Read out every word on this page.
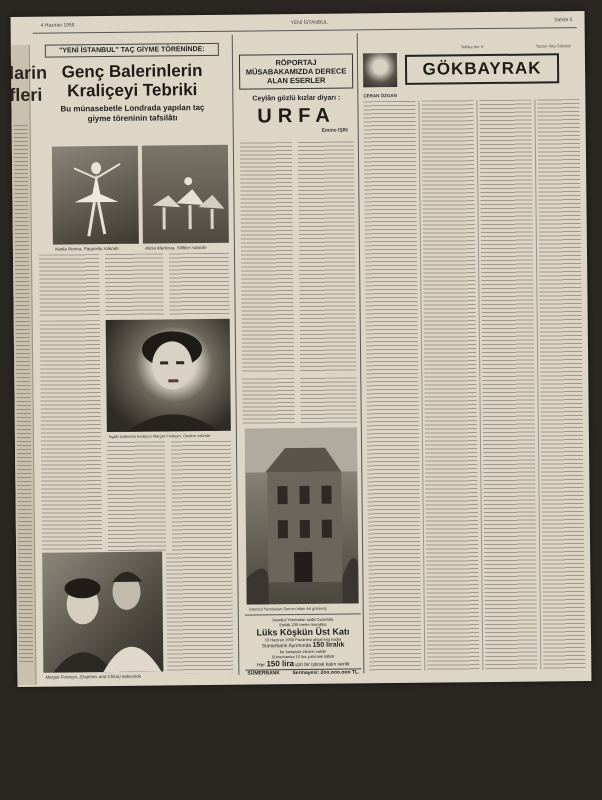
larin
fleri
4 Haziran 1958	YENİ İSTANBUL	Sahife 5
"YENİ İSTANBUL" TAÇ GİYME TÖRENİNDE:
Genç Balerinlerin Kraliçeyi Tebriki
Bu münasebetle Londrada yapılan taç giyme töreninin tafsilâtı
Nadia Nerina, Papyonlu rolünde	Alicia Markova, Silfitler rolünde
İngiliz balesinin kraliçesi Margot Fonteyn, Ondine rolünde
Margot Fonteyn, (Daphnis and Chloe) balesinde
RÖPORTAJ MÜSABAKAMIZDA DERECE ALAN ESERLER
Ceylân gözlü kızlar diyarı :
URFA
Emine IŞIN
İstanbul Yerebatan Sarnıcı'ndan bir görünüş
İstanbul Yerebatan sadd Caasinda
Emlâk 230 metre murabba
Lüks Köşkün Üst Katı
10 Haziran 1958 Pazartesi akşamına kadar
Sümerbank Ayrımında 150 liralık
bir kampiyle elinizin sahibi
Sümerbanka 10 lira yatırmak kâfidir
Her 150 lira için bir iştirak kalın verilir
SÜMERBANK Sermayesi: 2oo.ooo.ooo TL.
GÖKBAYRAK
Tefrika No: 9	Yazan: Aka Gündüz
ÇERAN ÖZGAN
